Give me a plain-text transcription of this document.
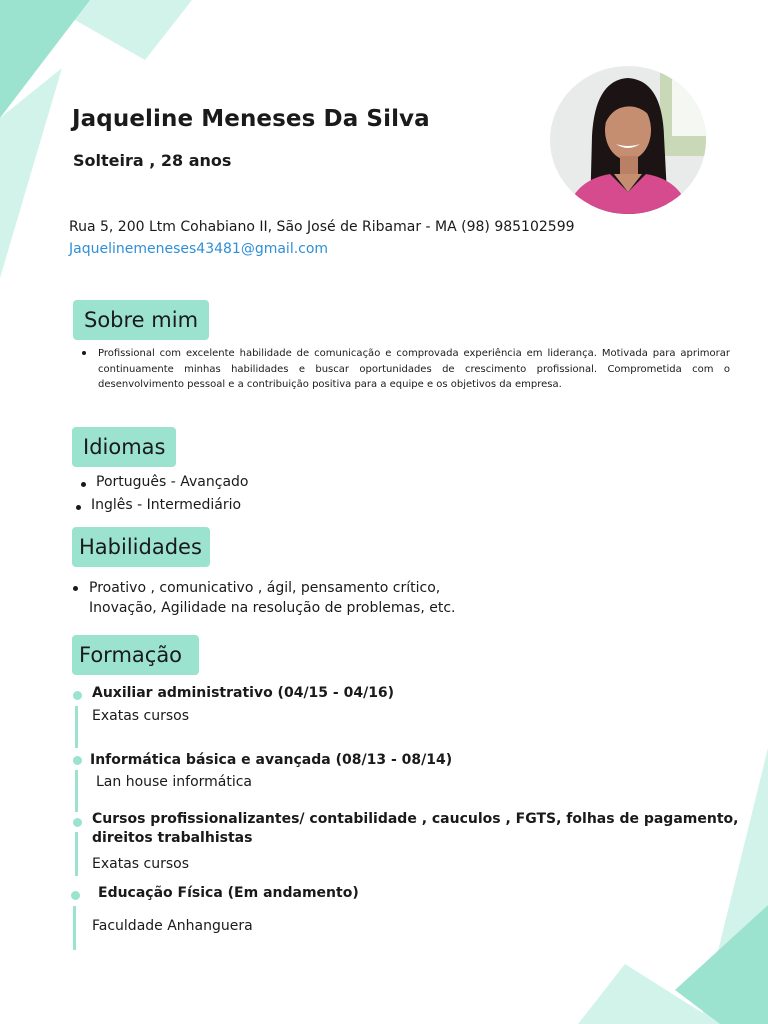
Jaqueline Meneses Da Silva

Solteira , 28 anos

Rua 5, 200 Ltm Cohabiano II, São José de Ribamar - MA (98) 985102599

Jaquelinemeneses43481@gmail.com
Sobre mim
Profissional com excelente habilidade de comunicação e comprovada experiência em liderança. Motivada para aprimorar continuamente minhas habilidades e buscar oportunidades de crescimento profissional. Comprometida com o desenvolvimento pessoal e a contribuição positiva para a equipe e os objetivos da empresa.
Idiomas

Português - Avançado

Inglês - Intermediário

Habilidades

Proativo , comunicativo , ágil, pensamento crítico,
Inovação, Agilidade na resolução de problemas, etc.

Formação

Auxiliar administrativo (04/15 - 04/16)

Exatas cursos

Informática básica e avançada (08/13 - 08/14)

Lan house informática

Cursos profissionalizantes/ contabilidade , cauculos , FGTS, folhas de pagamento,
direitos trabalhistas

Exatas cursos

Educação Física (Em andamento)

Faculdade Anhanguera
